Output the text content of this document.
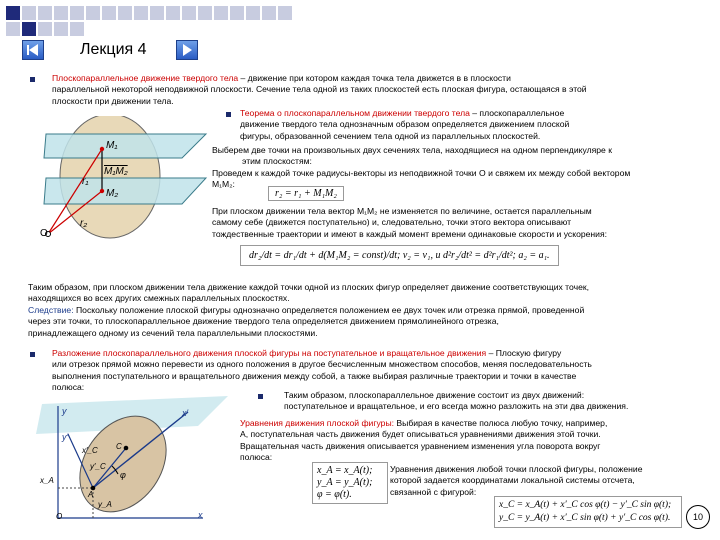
Лекция 4
Плоскопараллельное движение твердого тела – движение при котором каждая точка тела движется в в плоскости
параллельной некоторой неподвижной плоскости. Сечение тела одной из таких плоскостей есть плоская фигура, остающаяся в этой
плоскости при движении тела.
M₁
M₁M₂
r₁
M₂
r₂
O
Теорема о плоскопараллельном движении твердого тела – плоскопараллельное
движение твердого тела однозначным образом определяется движением плоской
фигуры, образованной сечением тела одной из параллельных плоскостей.
Выберем две точки на произвольных двух сечениях тела, находящиеся на одном перпендикуляре к
этим плоскостям:
Проведем к каждой точке радиусы-векторы из неподвижной точки O и свяжем их между собой вектором
M₁M₂:
r₂ = r₁ + M₁M₂
При плоском движении тела вектор M₁M₂ не изменяется по величине, остается параллельным
самому себе (движется поступательно) и, следовательно, точки этого вектора описывают
тождественные траектории и имеют в каждый момент времени одинаковые скорости и ускорения:
dr₂/dt = dr₁/dt + d(M₁M₂ = const)/dt; v₂ = v₁, и d²r₂/dt² = d²r₁/dt²; a₂ = a₁.
Таким образом, при плоском движении тела движение каждой точки одной из плоских фигур определяет движение соответствующих точек,
находящихся во всех других смежных параллельных плоскостях.
Следствие: Поскольку положение плоской фигуры однозначно определяется положением ее двух точек или отрезка прямой, проведенной
через эти точки, то плоскопараллельное движение твердого тела определяется движением прямолинейного отрезка,
принадлежащего одному из сечений тела параллельными плоскостями.
Разложение плоскопараллельного движения плоской фигуры на поступательное и вращательное движения – Плоскую фигуру
или отрезок прямой можно перевести из одного положения в другое бесчисленным множеством способов, меняя последовательность
выполнения поступательного и вращательного движения между собой, а также выбирая различные траектории и точки в качестве
полюса:
Таким образом, плоскопараллельное движение состоит из двух движений:
поступательное и вращательное, и его всегда можно разложить на эти два движения.
y	x′
y′
x′_C C
y′_C
φ
x_A
A
y_A
O	x
Уравнения движения плоской фигуры: Выбирая в качестве полюса любую точку, например,
A, поступательная часть движения будет описываться уравнениями движения этой точки.
Вращательная часть движения описывается уравнением изменения угла поворота вокруг
полюса:
x_A = x_A(t);
y_A = y_A(t);
φ = φ(t).
Уравнения движения любой точки плоской фигуры, положение
которой задается координатами локальной системы отсчета,
связанной с фигурой:
x_C = x_A(t) + x′_C cos φ(t) − y′_C sin φ(t);
y_C = y_A(t) + x′_C sin φ(t) + y′_C cos φ(t).	10
